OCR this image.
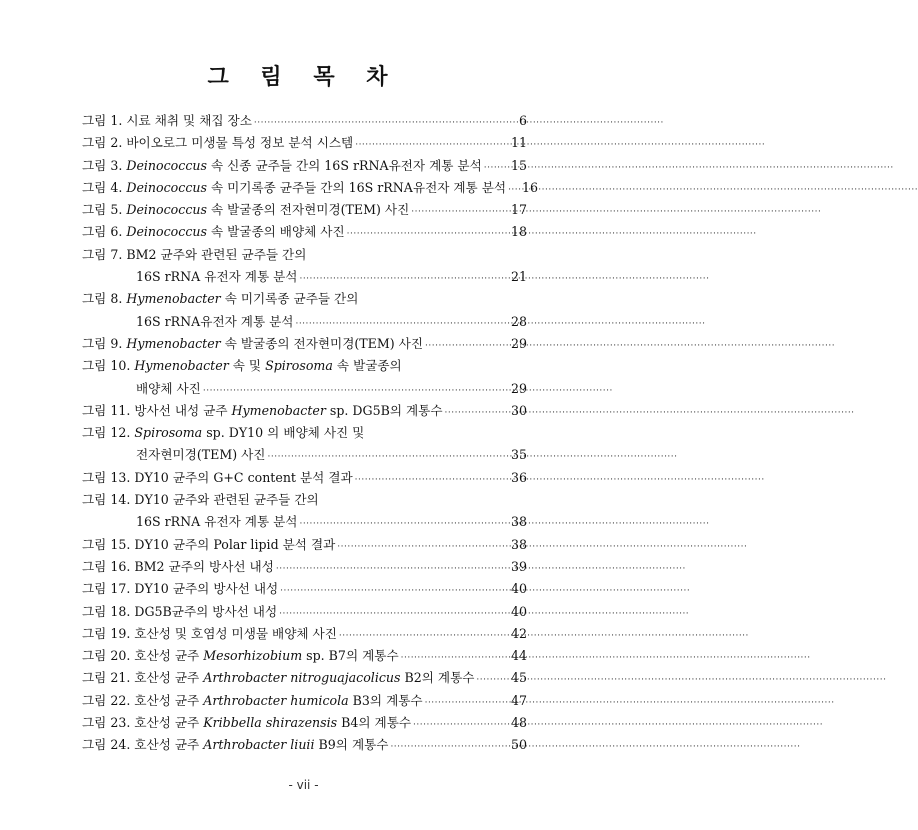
그 림 목 차
그림 1. 시료 채취 및 채집 장소 ·····	6
그림 2. 바이오로그 미생물 특성 정보 분석 시스템 ·····	11
그림 3. Deinococcus 속 신종 균주들 간의 16S rRNA유전자 계통 분석 ·····	15
그림 4. Deinococcus 속 미기록종 균주들 간의 16S rRNA유전자 계통 분석 ·····	16
그림 5. Deinococcus 속 발굴종의 전자현미경(TEM) 사진 ·····	17
그림 6. Deinococcus 속 발굴종의 배양체 사진 ·····	18
그림 7. BM2 균주와 관련된 균주들 간의
16S rRNA 유전자 계통 분석 ·····	21
그림 8. Hymenobacter 속 미기록종 균주들 간의
16S rRNA유전자 계통 분석 ·····	28
그림 9. Hymenobacter 속 발굴종의 전자현미경(TEM) 사진 ·····	29
그림 10. Hymenobacter 속 및 Spirosoma 속 발굴종의
배양체 사진 ·····	29
그림 11. 방사선 내성 균주 Hymenobacter sp. DG5B의 계통수 ·····	30
그림 12. Spirosoma sp. DY10 의 배양체 사진 및
전자현미경(TEM) 사진 ·····	35
그림 13. DY10 균주의 G+C content 분석 결과 ·····	36
그림 14. DY10 균주와 관련된 균주들 간의
16S rRNA 유전자 계통 분석 ·····	38
그림 15. DY10 균주의 Polar lipid 분석 결과 ·····	38
그림 16. BM2 균주의 방사선 내성 ·····	39
그림 17. DY10 균주의 방사선 내성 ·····	40
그림 18. DG5B균주의 방사선 내성 ·····	40
그림 19. 호산성 및 호염성 미생물 배양체 사진 ·····	42
그림 20. 호산성 균주 Mesorhizobium sp. B7의 계통수 ·····	44
그림 21. 호산성 균주 Arthrobacter nitroguajacolicus B2의 계통수 ·····	45
그림 22. 호산성 균주 Arthrobacter humicola B3의 계통수 ·····	47
그림 23. 호산성 균주 Kribbella shirazensis B4의 계통수 ·····	48
그림 24. 호산성 균주 Arthrobacter liuii B9의 계통수 ·····	50
- vii -
